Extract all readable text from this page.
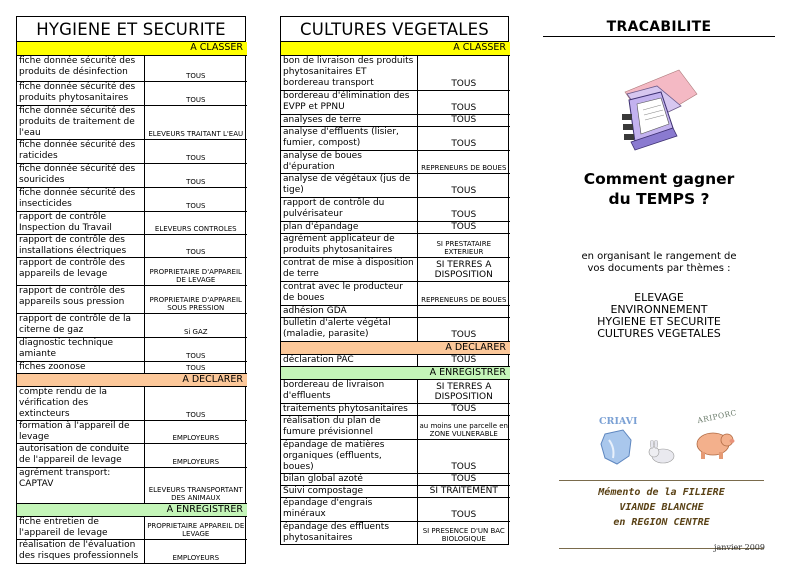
HYGIENE ET SECURITE
A CLASSER	
fiche donnée sécurité des produits de désinfection	TOUS
fiche donnée sécurité des produits phytosanitaires	TOUS
fiche donnée sécurité des produits de traitement de l'eau	ELEVEURS TRAITANT L'EAU
fiche donnée sécurité des raticides	TOUS
fiche donnée sécurité des souricides	TOUS
fiche donnée sécurité des insecticides	TOUS
rapport de contrôle Inspection du Travail	ELEVEURS CONTROLES
rapport de contrôle des installations électriques	TOUS
rapport de contrôle des appareils de levage	PROPRIETAIRE D'APPAREIL DE LEVAGE
rapport de contrôle des appareils sous pression	PROPRIETAIRE D'APPAREIL SOUS PRESSION
rapport de contrôle de la citerne de gaz	Si GAZ
diagnostic technique amiante	TOUS
fiches zoonose	TOUS
A DECLARER	
compte rendu de la vérification des extincteurs	TOUS
formation à l'appareil de levage	EMPLOYEURS
autorisation de conduite de l'appareil de levage	EMPLOYEURS
agrément transport: CAPTAV	ELEVEURS TRANSPORTANT DES ANIMAUX
A ENREGISTRER	
fiche entretien de l'appareil de levage	PROPRIETAIRE APPAREIL DE LEVAGE
réalisation de l'évaluation des risques professionnels	EMPLOYEURS
CULTURES VEGETALES
A CLASSER	
bon de livraison des produits phytosanitaires ET bordereau transport	TOUS
bordereau d'élimination des EVPP et PPNU	TOUS
analyses de terre	TOUS
analyse d'effluents (lisier, fumier, compost)	TOUS
analyse de boues d'épuration	REPRENEURS DE BOUES
analyse de végétaux (jus de tige)	TOUS
rapport de contrôle du pulvérisateur	TOUS
plan d'épandage	TOUS
agrément applicateur de produits phytosanitaires	SI PRESTATAIRE EXTERIEUR
contrat de mise à disposition de terre	SI TERRES A DISPOSITION
contrat avec le producteur de boues	REPRENEURS DE BOUES
adhésion GDA	
bulletin d'alerte végétal (maladie, parasite)	TOUS
A DECLARER	
déclaration PAC	TOUS
A ENREGISTRER	
bordereau de livraison d'effluents	SI TERRES A DISPOSITION
traitements phytosanitaires	TOUS
réalisation du plan de fumure prévisionnel	au moins une parcelle en ZONE VULNERABLE
épandage de matières organiques (effluents, boues)	TOUS
bilan global azoté	TOUS
Suivi compostage	SI TRAITEMENT
épandage d'engrais minéraux	TOUS
épandage des effluents phytosanitaires	SI PRESENCE D'UN BAC BIOLOGIQUE
TRACABILITE
Comment gagner
du TEMPS ?
en organisant le rangement de
vos documents par thèmes :
ELEVAGE
ENVIRONNEMENT
HYGIENE ET SECURITE
CULTURES VEGETALES
CRIAVI	ARIPORC
Mémento de la FILIERE
VIANDE BLANCHE
en REGION CENTRE
janvier 2009
